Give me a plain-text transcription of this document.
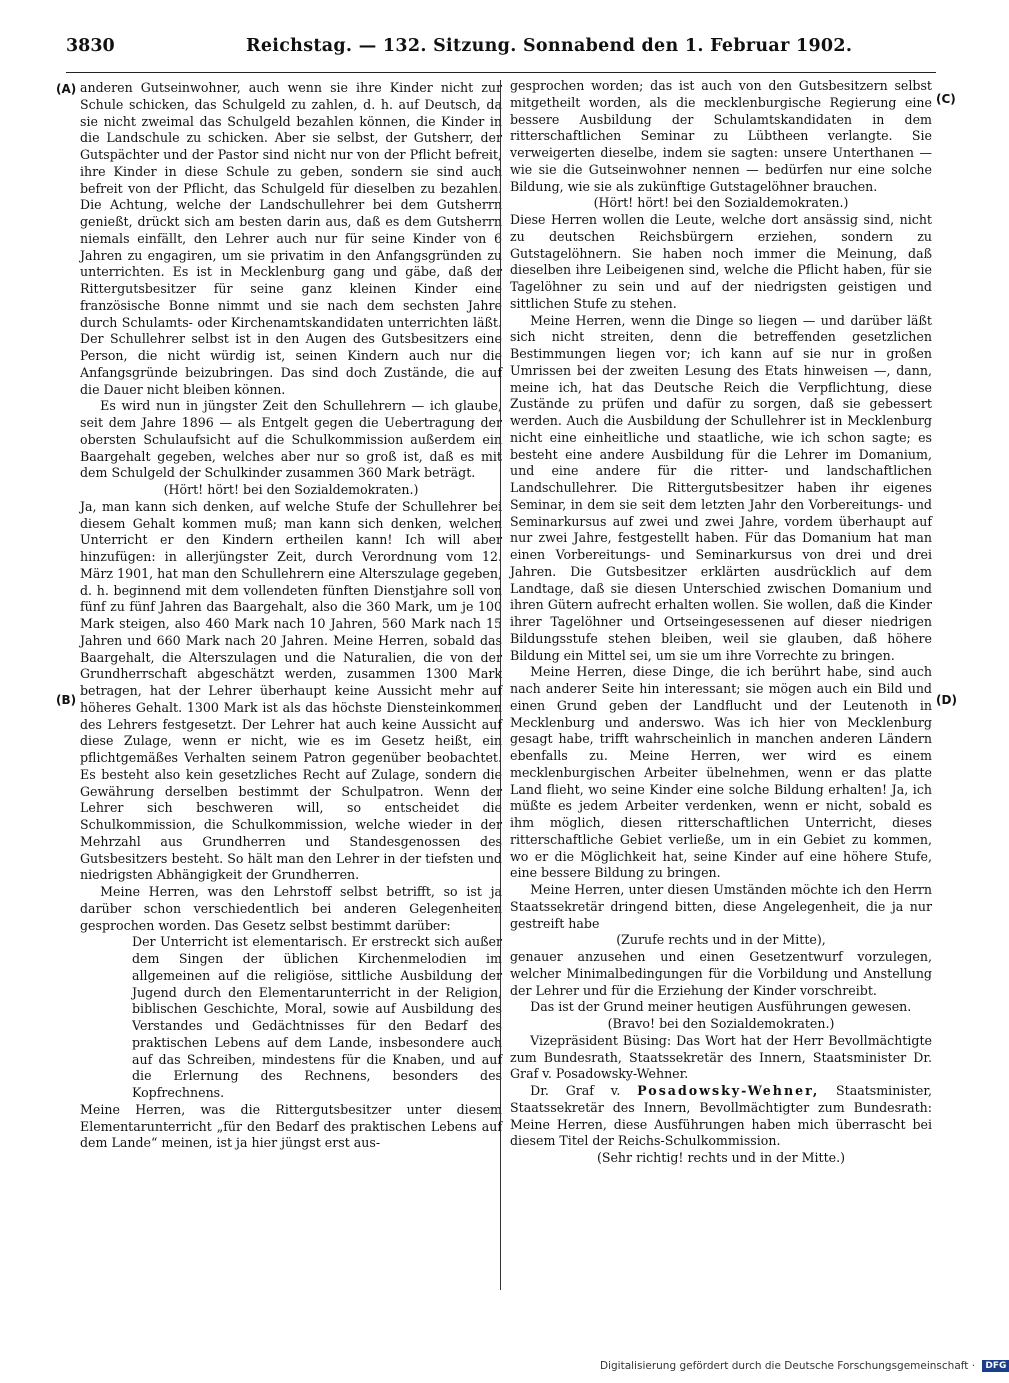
3830	Reichstag. — 132. Sitzung. Sonnabend den 1. Februar 1902.
(A)
(B)
(C)
(D)

anderen Gutseinwohner, auch wenn sie ihre Kinder nicht zur Schule schicken, das Schulgeld zu zahlen, d. h. auf Deutsch, da sie nicht zweimal das Schulgeld bezahlen können, die Kinder in die Landschule zu schicken. Aber sie selbst, der Gutsherr, der Gutspächter und der Pastor sind nicht nur von der Pflicht befreit, ihre Kinder in diese Schule zu geben, sondern sie sind auch befreit von der Pflicht, das Schulgeld für dieselben zu bezahlen. Die Achtung, welche der Landschullehrer bei dem Gutsherrn genießt, drückt sich am besten darin aus, daß es dem Gutsherrn niemals einfällt, den Lehrer auch nur für seine Kinder von 6 Jahren zu engagiren, um sie privatim in den Anfangsgründen zu unterrichten. Es ist in Mecklenburg gang und gäbe, daß der Rittergutsbesitzer für seine ganz kleinen Kinder eine französische Bonne nimmt und sie nach dem sechsten Jahre durch Schulamts- oder Kirchenamtskandidaten unterrichten läßt. Der Schullehrer selbst ist in den Augen des Gutsbesitzers eine Person, die nicht würdig ist, seinen Kindern auch nur die Anfangsgründe beizubringen. Das sind doch Zustände, die auf die Dauer nicht bleiben können.

Es wird nun in jüngster Zeit den Schullehrern — ich glaube, seit dem Jahre 1896 — als Entgelt gegen die Uebertragung der obersten Schulaufsicht auf die Schulkommission außerdem ein Baargehalt gegeben, welches aber nur so groß ist, daß es mit dem Schulgeld der Schulkinder zusammen 360 Mark beträgt.

(Hört! hört! bei den Sozialdemokraten.)

Ja, man kann sich denken, auf welche Stufe der Schullehrer bei diesem Gehalt kommen muß; man kann sich denken, welchen Unterricht er den Kindern ertheilen kann! Ich will aber hinzufügen: in allerjüngster Zeit, durch Verordnung vom 12. März 1901, hat man den Schullehrern eine Alterszulage gegeben, d. h. beginnend mit dem vollendeten fünften Dienstjahre soll von fünf zu fünf Jahren das Baargehalt, also die 360 Mark, um je 100 Mark steigen, also 460 Mark nach 10 Jahren, 560 Mark nach 15 Jahren und 660 Mark nach 20 Jahren. Meine Herren, sobald das Baargehalt, die Alterszulagen und die Naturalien, die von der Grundherrschaft abgeschätzt werden, zusammen 1300 Mark betragen, hat der Lehrer überhaupt keine Aussicht mehr auf höheres Gehalt. 1300 Mark ist als das höchste Diensteinkommen des Lehrers festgesetzt. Der Lehrer hat auch keine Aussicht auf diese Zulage, wenn er nicht, wie es im Gesetz heißt, ein pflichtgemäßes Verhalten seinem Patron gegenüber beobachtet. Es besteht also kein gesetzliches Recht auf Zulage, sondern die Gewährung derselben bestimmt der Schulpatron. Wenn der Lehrer sich beschweren will, so entscheidet die Schulkommission, die Schulkommission, welche wieder in der Mehrzahl aus Grundherren und Standesgenossen des Gutsbesitzers besteht. So hält man den Lehrer in der tiefsten und niedrigsten Abhängigkeit der Grundherren.

Meine Herren, was den Lehrstoff selbst betrifft, so ist ja darüber schon verschiedentlich bei anderen Gelegenheiten gesprochen worden. Das Gesetz selbst bestimmt darüber:

Der Unterricht ist elementarisch. Er erstreckt sich außer dem Singen der üblichen Kirchenmelodien im allgemeinen auf die religiöse, sittliche Ausbildung der Jugend durch den Elementarunterricht in der Religion, biblischen Geschichte, Moral, sowie auf Ausbildung des Verstandes und Gedächtnisses für den Bedarf des praktischen Lebens auf dem Lande, insbesondere auch auf das Schreiben, mindestens für die Knaben, und auf die Erlernung des Rechnens, besonders des Kopfrechnens.

Meine Herren, was die Rittergutsbesitzer unter diesem Elementarunterricht „für den Bedarf des praktischen Lebens auf dem Lande“ meinen, ist ja hier jüngst erst aus-

gesprochen worden; das ist auch von den Gutsbesitzern selbst mitgetheilt worden, als die mecklenburgische Regierung eine bessere Ausbildung der Schulamtskandidaten in dem ritterschaftlichen Seminar zu Lübtheen verlangte. Sie verweigerten dieselbe, indem sie sagten: unsere Unterthanen — wie sie die Gutseinwohner nennen — bedürfen nur eine solche Bildung, wie sie als zukünftige Gutstagelöhner brauchen.

(Hört! hört! bei den Sozialdemokraten.)

Diese Herren wollen die Leute, welche dort ansässig sind, nicht zu deutschen Reichsbürgern erziehen, sondern zu Gutstagelöhnern. Sie haben noch immer die Meinung, daß dieselben ihre Leibeigenen sind, welche die Pflicht haben, für sie Tagelöhner zu sein und auf der niedrigsten geistigen und sittlichen Stufe zu stehen.

Meine Herren, wenn die Dinge so liegen — und darüber läßt sich nicht streiten, denn die betreffenden gesetzlichen Bestimmungen liegen vor; ich kann auf sie nur in großen Umrissen bei der zweiten Lesung des Etats hinweisen —, dann, meine ich, hat das Deutsche Reich die Verpflichtung, diese Zustände zu prüfen und dafür zu sorgen, daß sie gebessert werden. Auch die Ausbildung der Schullehrer ist in Mecklenburg nicht eine einheitliche und staatliche, wie ich schon sagte; es besteht eine andere Ausbildung für die Lehrer im Domanium, und eine andere für die ritter- und landschaftlichen Landschullehrer. Die Rittergutsbesitzer haben ihr eigenes Seminar, in dem sie seit dem letzten Jahr den Vorbereitungs- und Seminarkursus auf zwei und zwei Jahre, vordem überhaupt auf nur zwei Jahre, festgestellt haben. Für das Domanium hat man einen Vorbereitungs- und Seminarkursus von drei und drei Jahren. Die Gutsbesitzer erklärten ausdrücklich auf dem Landtage, daß sie diesen Unterschied zwischen Domanium und ihren Gütern aufrecht erhalten wollen. Sie wollen, daß die Kinder ihrer Tagelöhner und Ortseingesessenen auf dieser niedrigen Bildungsstufe stehen bleiben, weil sie glauben, daß höhere Bildung ein Mittel sei, um sie um ihre Vorrechte zu bringen.

Meine Herren, diese Dinge, die ich berührt habe, sind auch nach anderer Seite hin interessant; sie mögen auch ein Bild und einen Grund geben der Landflucht und der Leutenoth in Mecklenburg und anderswo. Was ich hier von Mecklenburg gesagt habe, trifft wahrscheinlich in manchen anderen Ländern ebenfalls zu. Meine Herren, wer wird es einem mecklenburgischen Arbeiter übelnehmen, wenn er das platte Land flieht, wo seine Kinder eine solche Bildung erhalten! Ja, ich müßte es jedem Arbeiter verdenken, wenn er nicht, sobald es ihm möglich, diesen ritterschaftlichen Unterricht, dieses ritterschaftliche Gebiet verließe, um in ein Gebiet zu kommen, wo er die Möglichkeit hat, seine Kinder auf eine höhere Stufe, eine bessere Bildung zu bringen.

Meine Herren, unter diesen Umständen möchte ich den Herrn Staatssekretär dringend bitten, diese Angelegenheit, die ja nur gestreift habe

(Zurufe rechts und in der Mitte),

genauer anzusehen und einen Gesetzentwurf vorzulegen, welcher Minimalbedingungen für die Vorbildung und Anstellung der Lehrer und für die Erziehung der Kinder vorschreibt.

Das ist der Grund meiner heutigen Ausführungen gewesen.

(Bravo! bei den Sozialdemokraten.)

Vizepräsident Büsing: Das Wort hat der Herr Bevollmächtigte zum Bundesrath, Staatssekretär des Innern, Staatsminister Dr. Graf v. Posadowsky-Wehner.

Dr. Graf v. Posadowsky-Wehner, Staatsminister, Staatssekretär des Innern, Bevollmächtigter zum Bundesrath: Meine Herren, diese Ausführungen haben mich überrascht bei diesem Titel der Reichs-Schulkommission.

(Sehr richtig! rechts und in der Mitte.)

Digitalisierung gefördert durch die Deutsche Forschungsgemeinschaft · DFG
